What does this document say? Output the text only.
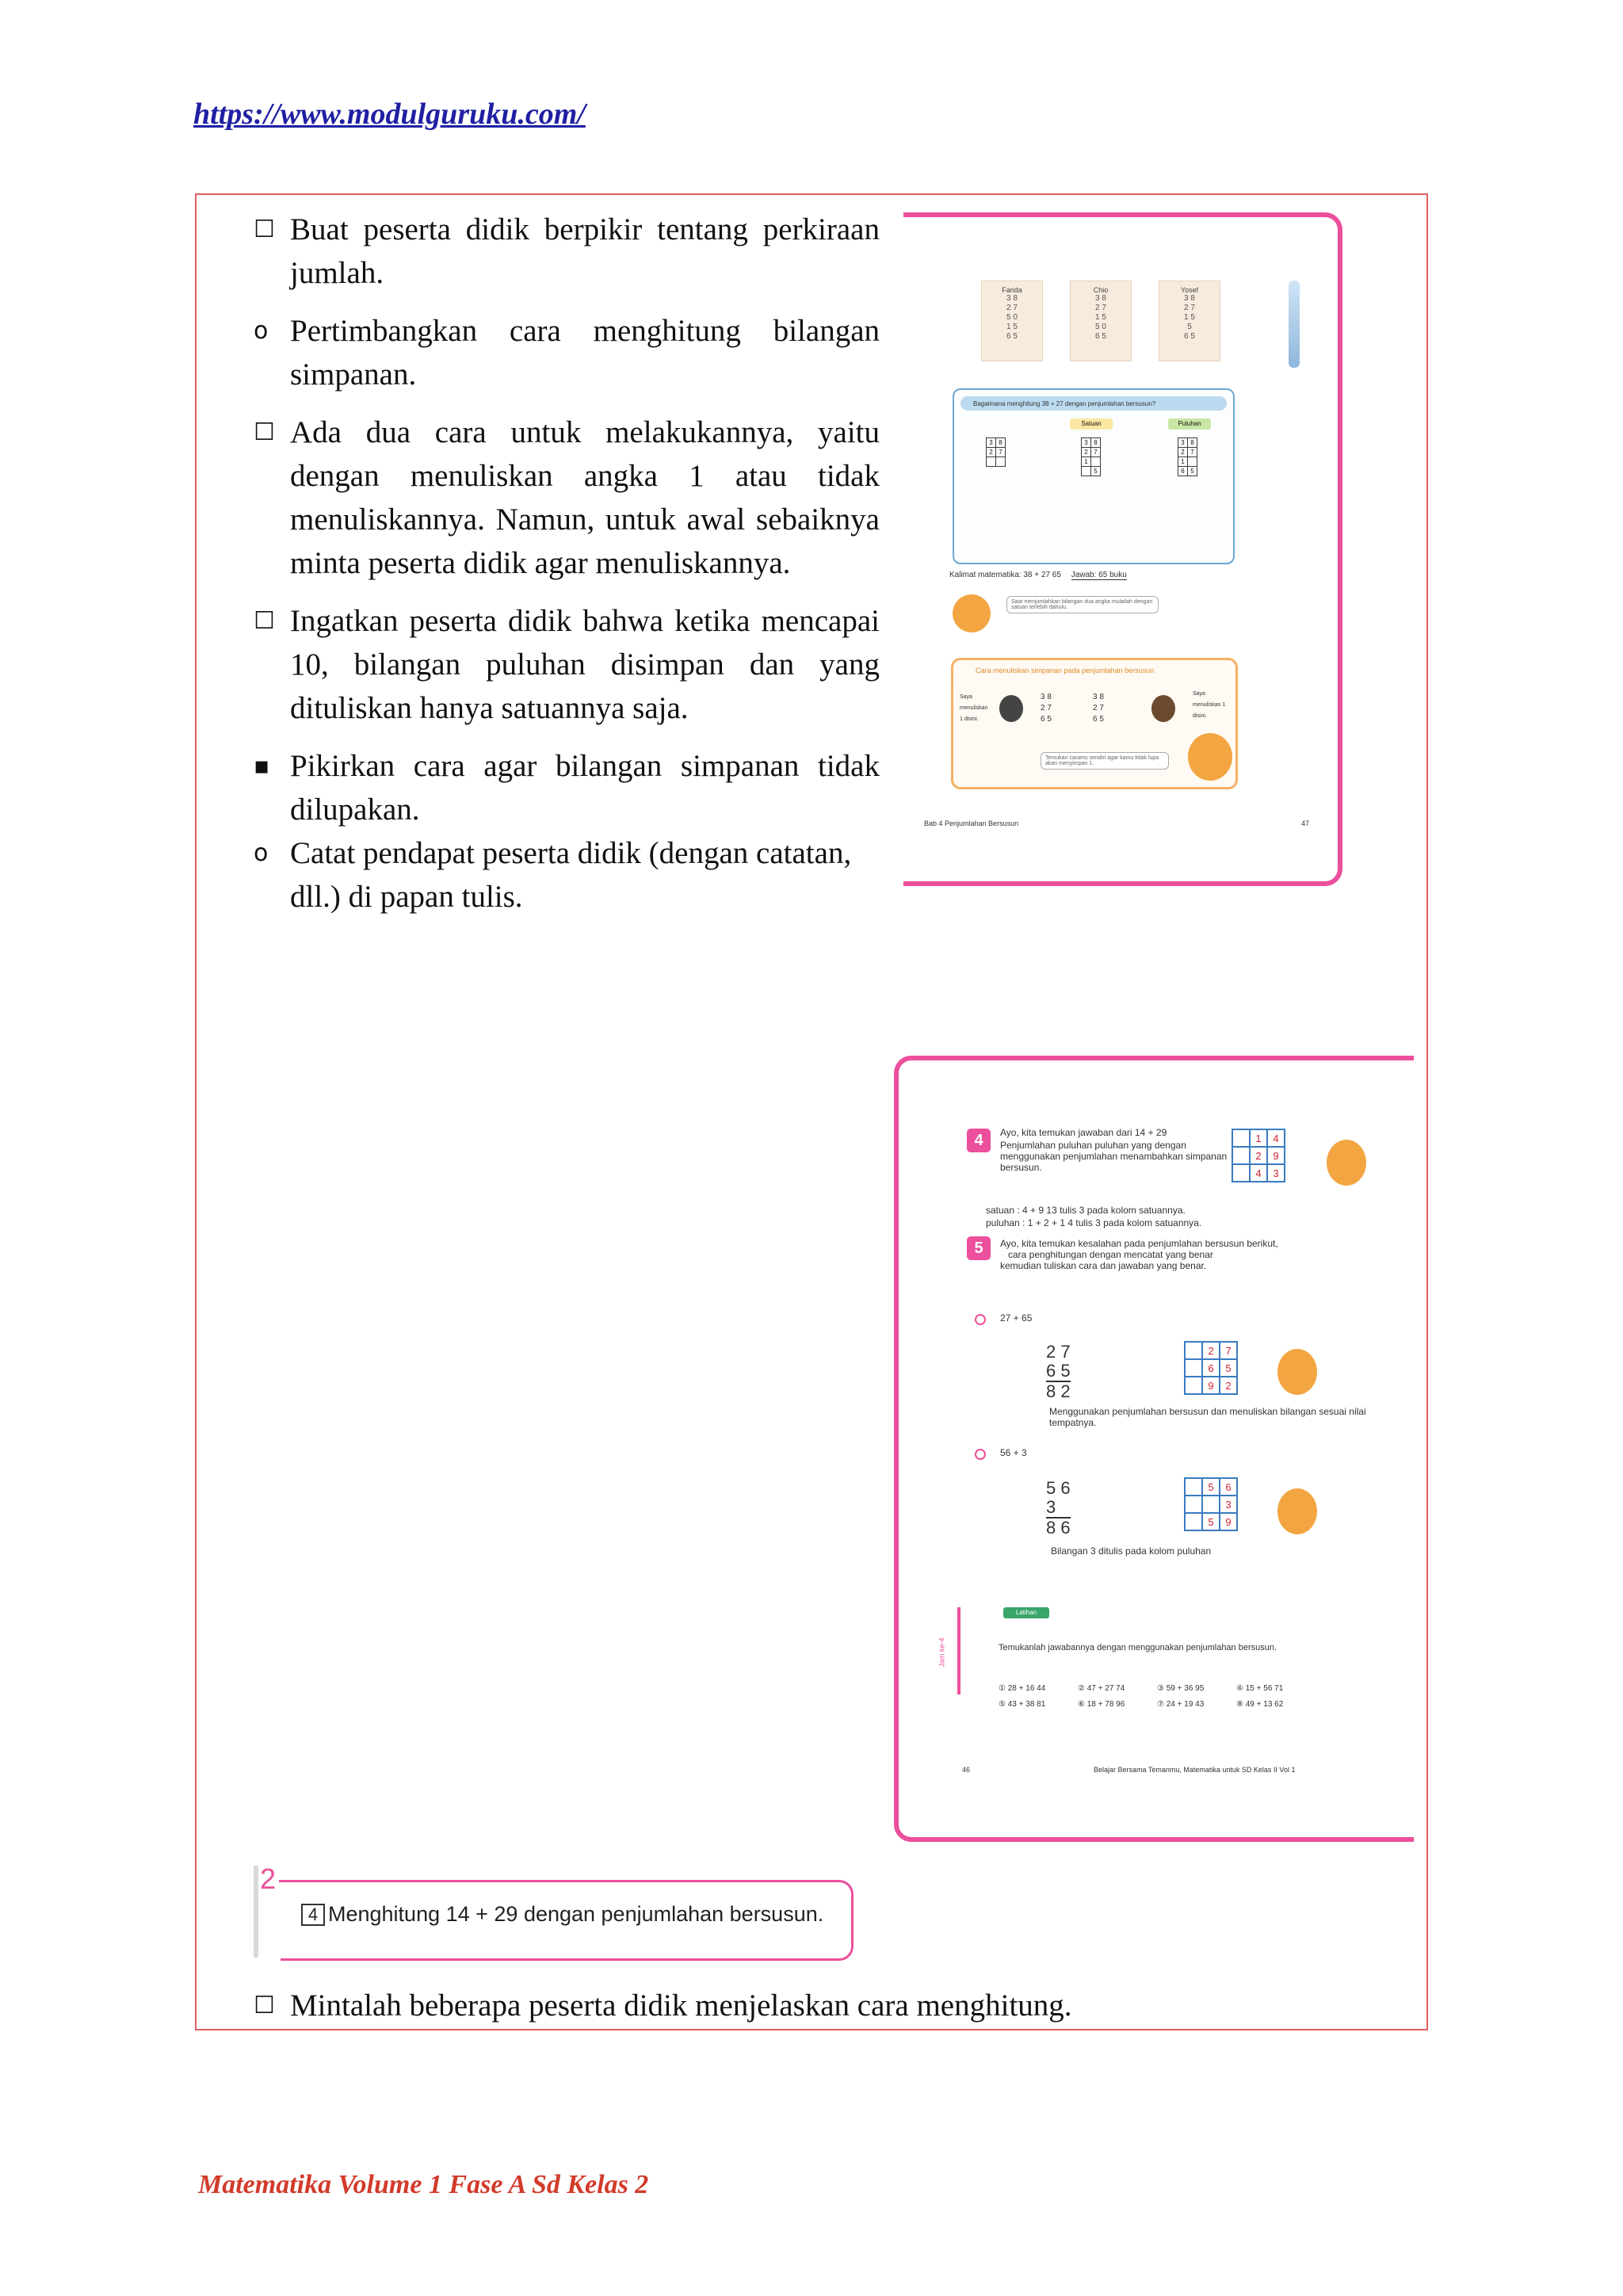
https://www.modulguruku.com/
☐ Buat peserta didik berpikir tentang perkiraan jumlah.
o Pertimbangkan cara menghitung bilangan simpanan.
☐ Ada dua cara untuk melakukannya, yaitu dengan menuliskan angka 1 atau tidak menuliskannya. Namun, untuk awal sebaiknya minta peserta didik agar menuliskannya.
☐ Ingatkan peserta didik bahwa ketika mencapai 10, bilangan puluhan disimpan dan yang dituliskan hanya satuannya saja.
▪ Pikirkan cara agar bilangan simpanan tidak dilupakan.
o Catat pendapat peserta didik (dengan catatan, dll.) di papan tulis.
Farida
3 8
2 7
5 0
1 5
6 5
Chio
3 8
2 7
1 5
5 0
6 5
Yosef
3 8
2 7
1 5
5
6 5
Bagaimana menghitung 38 + 27 dengan penjumlahan bersusun?
Satuan	Puluhan
3	8
2	7

3	8
2	7
1	
	5
3	8
2	7
1	
6	5
Kalimat matematika: 38 + 27 65 Jawab: 65 buku
Saat menjumlahkan bilangan dua angka mulailah dengan satuan terlebih dahulu.
Cara menuliskan simpanan pada penjumlahan bersusun
Saya menuliskan 1 disini.
Saya menuliskan 1 disini.
3 8
2 7
6 5
3 8
2 7
6 5
Temukan caramu sendiri agar kamu tidak lupa akan menyimpan 1.
Bab 4 Penjumlahan Bersusun	47
4	Ayo, kita temukan jawaban dari 14 + 29
Penjumlahan puluhan puluhan yang dengan menggunakan penjumlahan menambahkan simpanan bersusun.
	1	4
	2	9
	4	3
satuan : 4 + 9 13 tulis 3 pada kolom satuannya.
puluhan : 1 + 2 + 1 4 tulis 3 pada kolom satuannya.
5	Ayo, kita temukan kesalahan pada penjumlahan bersusun berikut,
cara penghitungan dengan mencatat yang benar
kemudian tuliskan cara dan jawaban yang benar.
27 + 65
2 7
6 5
8 2
	2	7
	6	5
	9	2
Menggunakan penjumlahan bersusun dan menuliskan bilangan sesuai nilai tempatnya.
56 + 3
5 6
3
8 6
	5	6
		3
	5	9
Bilangan 3 ditulis pada kolom puluhan
Jam ke-4
Latihan
Temukanlah jawabannya dengan menggunakan penjumlahan bersusun.
① 28 + 16 44	② 47 + 27 74	③ 59 + 36 95	④ 15 + 56 71
⑤ 43 + 38 81	⑥ 18 + 78 96	⑦ 24 + 19 43	⑧ 49 + 13 62
46	Belajar Bersama Temanmu, Matematika untuk SD Kelas II Vol 1
2
4 Menghitung 14 + 29 dengan penjumlahan bersusun.
☐ Mintalah beberapa peserta didik menjelaskan cara menghitung.
Matematika Volume 1 Fase A Sd Kelas 2
